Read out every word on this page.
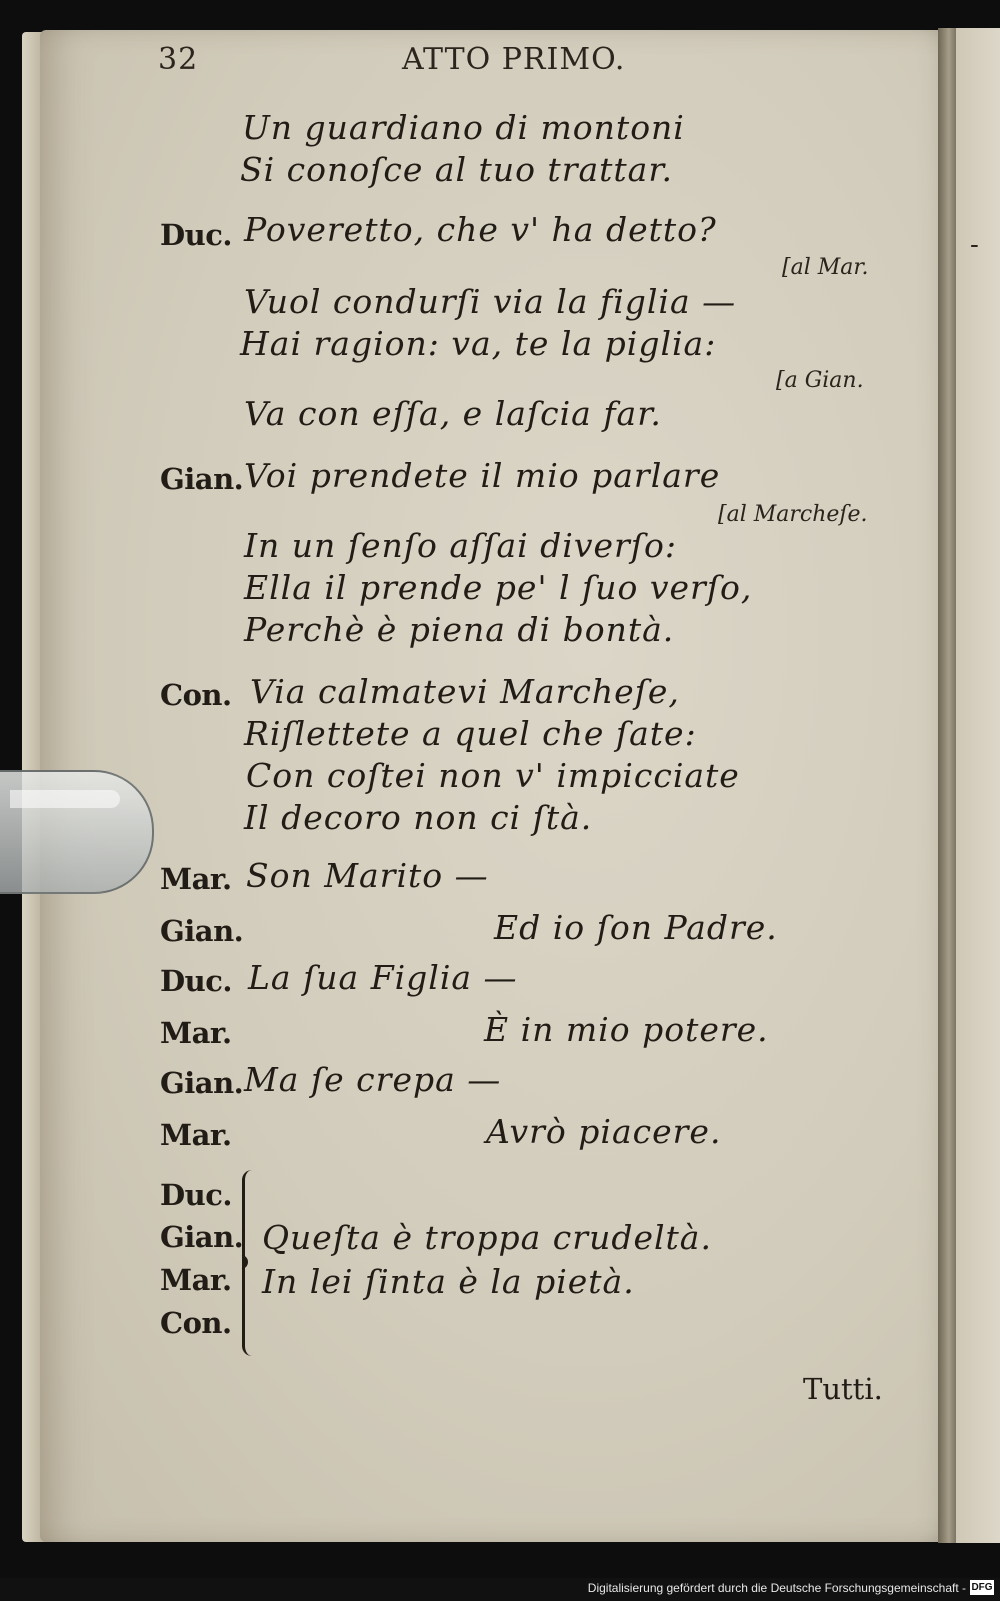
-
32	ATTO PRIMO.
Un guardiano di montoni
Si conoſce al tuo trattar.
Duc. Poveretto, che v' ha detto?
[al Mar.
Vuol condurſi via la figlia —
Hai ragion: va, te la piglia:
[a Gian.
Va con eſſa, e laſcia far.
Gian. Voi prendete il mio parlare
[al Marcheſe.
In un ſenſo aſſai diverſo:
Ella il prende pe' l ſuo verſo,
Perchè è piena di bontà.
Con. Via calmatevi Marcheſe,
Riſlettete a quel che ſate:
Con coſtei non v' impicciate
Il decoro non ci ſtà.
Mar. Son Marito —
Gian.	Ed io ſon Padre.
Duc. La ſua Figlia —
Mar.	È in mio potere.
Gian. Ma ſe crepa —
Mar.	Avrò piacere.
Duc.
Gian.
Mar.
Con.
Queſta è troppa crudeltà.
In lei ſinta è la pietà.
Tutti.
Digitalisierung gefördert durch die Deutsche Forschungsgemeinschaft - DFG
